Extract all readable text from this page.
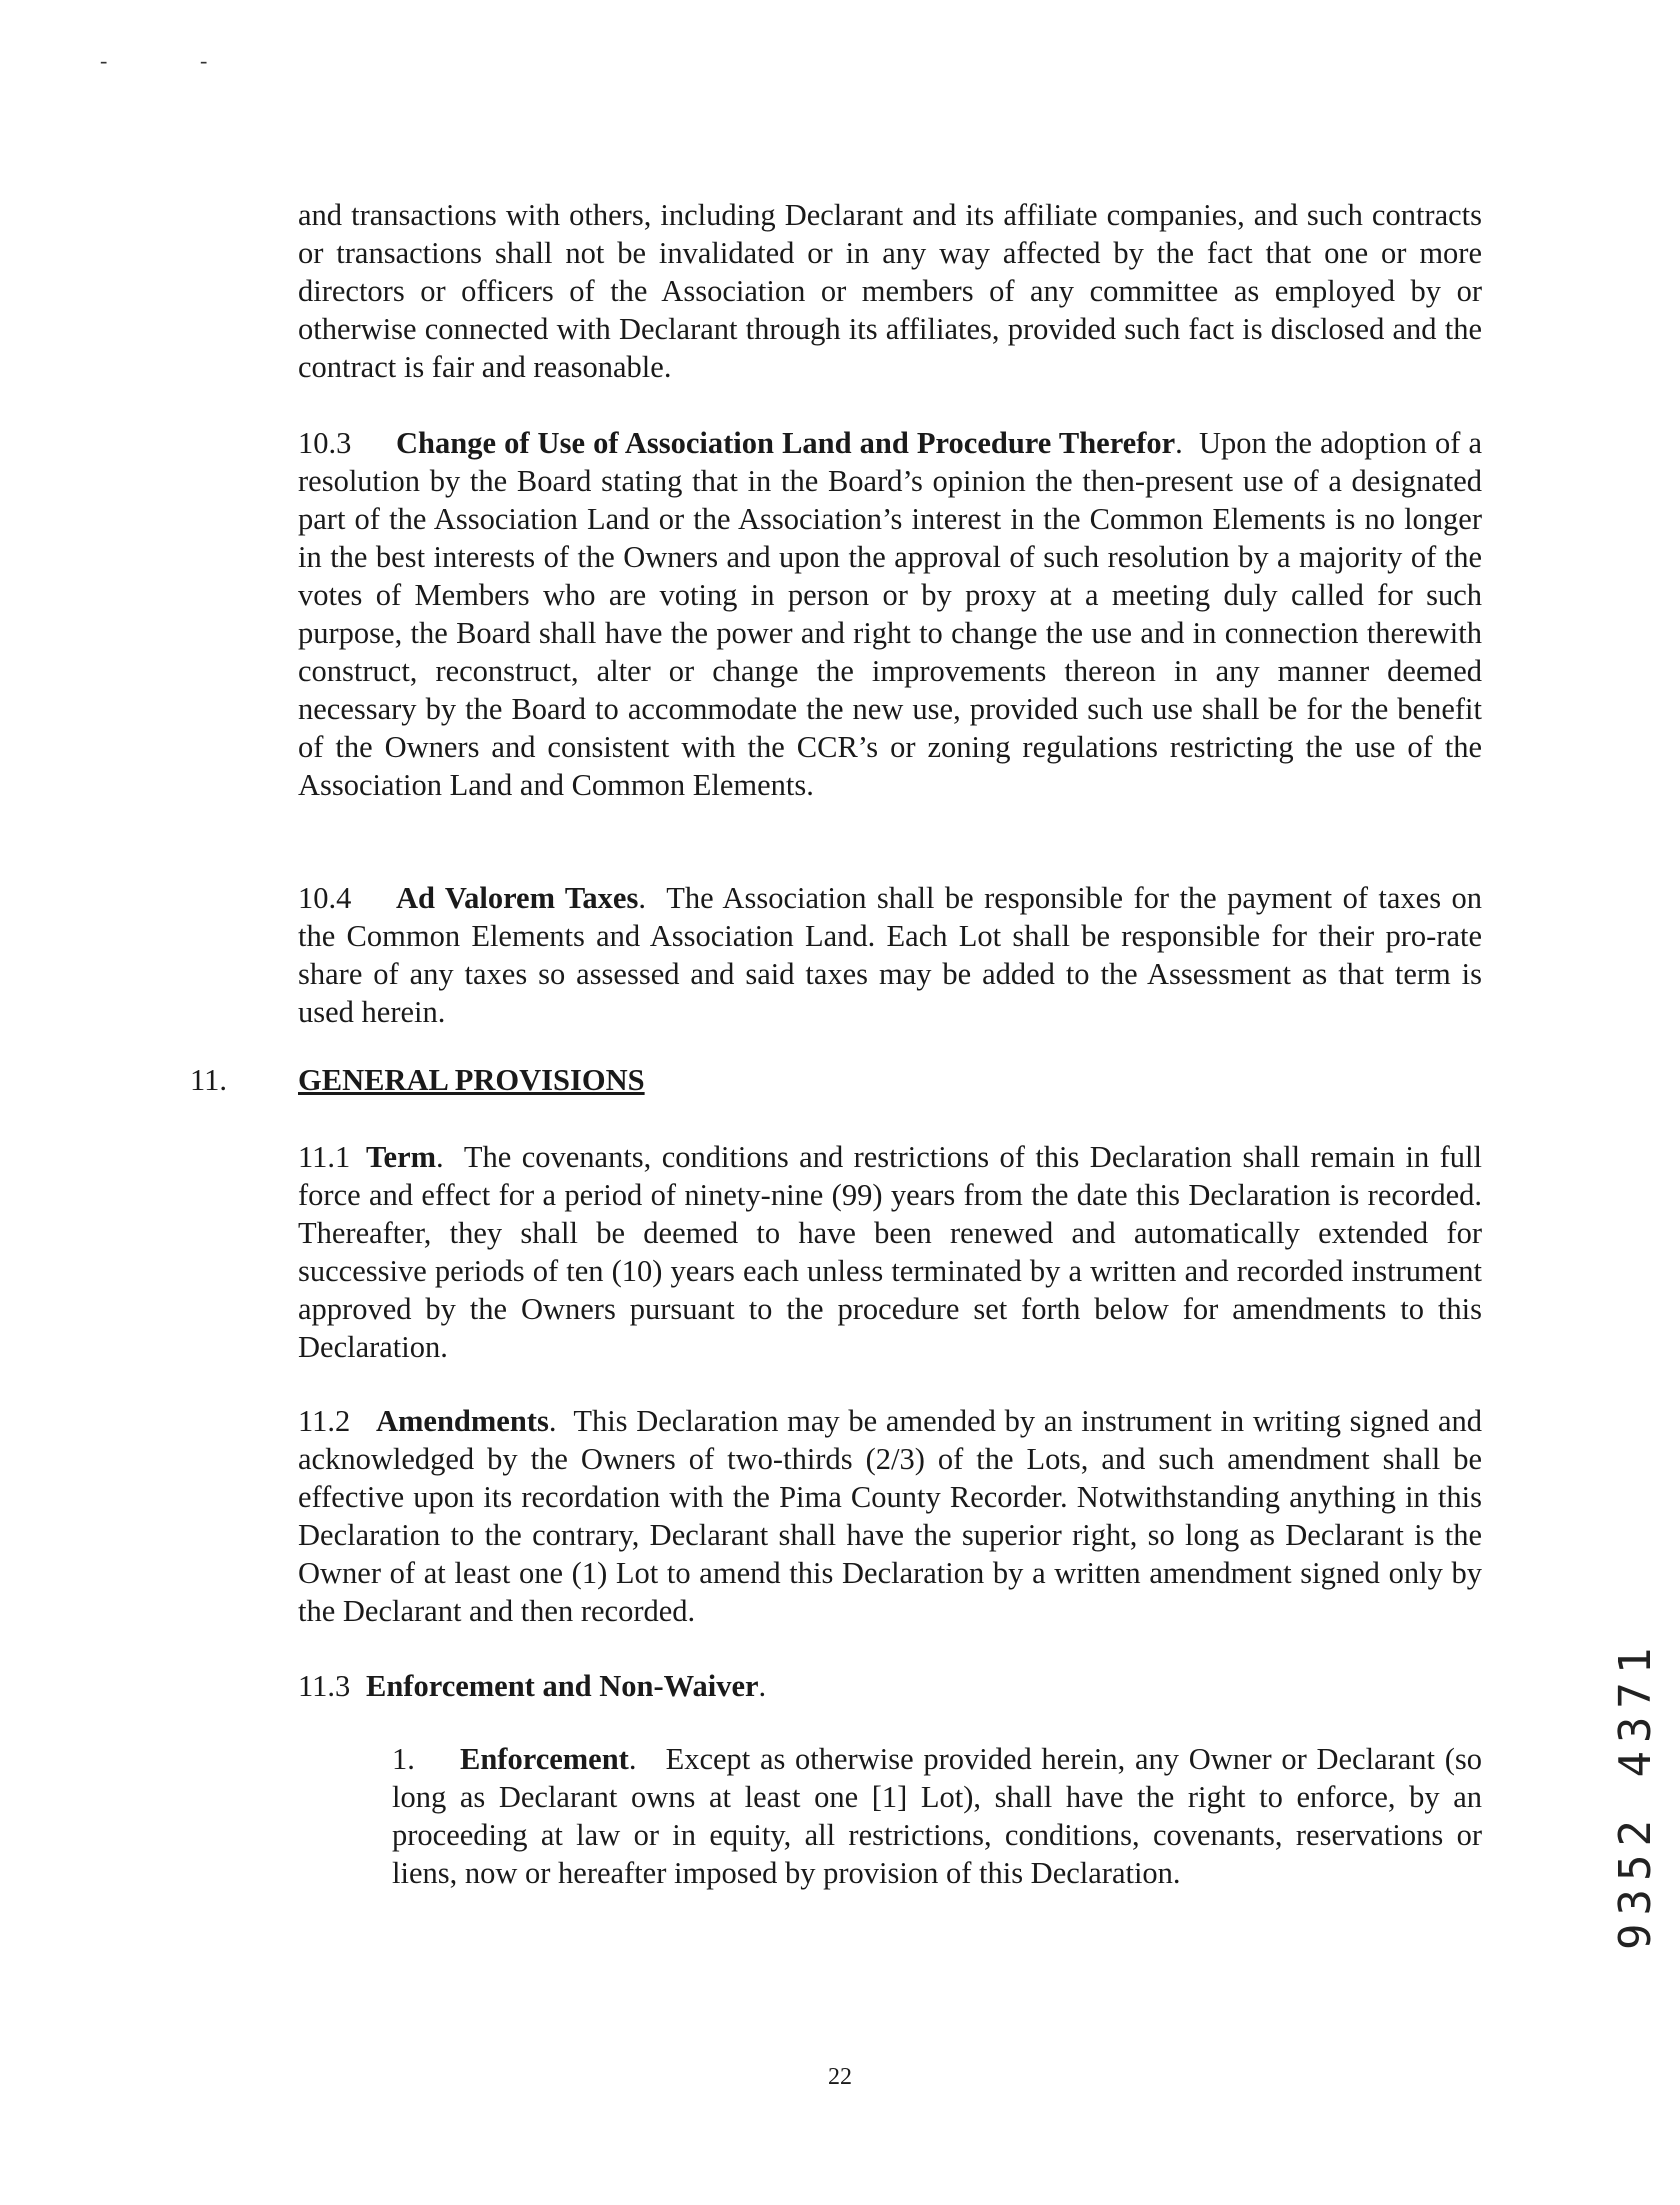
-	-

and transactions with others, including Declarant and its affiliate companies, and such contracts or transactions shall not be invalidated or in any way affected by the fact that one or more directors or officers of the Association or members of any committee as employed by or otherwise connected with Declarant through its affiliates, provided such fact is disclosed and the contract is fair and reasonable.

10.3 Change of Use of Association Land and Procedure Therefor. Upon the adoption of a resolution by the Board stating that in the Board’s opinion the then-present use of a designated part of the Association Land or the Association’s interest in the Common Elements is no longer in the best interests of the Owners and upon the approval of such resolution by a majority of the votes of Members who are voting in person or by proxy at a meeting duly called for such purpose, the Board shall have the power and right to change the use and in connection therewith construct, reconstruct, alter or change the improvements thereon in any manner deemed necessary by the Board to accommodate the new use, provided such use shall be for the benefit of the Owners and consistent with the CCR’s or zoning regulations restricting the use of the Association Land and Common Elements.

10.4 Ad Valorem Taxes. The Association shall be responsible for the payment of taxes on the Common Elements and Association Land. Each Lot shall be responsible for their pro-rate share of any taxes so assessed and said taxes may be added to the Assessment as that term is used herein.

11. GENERAL PROVISIONS

11.1 Term. The covenants, conditions and restrictions of this Declaration shall remain in full force and effect for a period of ninety-nine (99) years from the date this Declaration is recorded. Thereafter, they shall be deemed to have been renewed and automatically extended for successive periods of ten (10) years each unless terminated by a written and recorded instrument approved by the Owners pursuant to the procedure set forth below for amendments to this Declaration.

11.2 Amendments. This Declaration may be amended by an instrument in writing signed and acknowledged by the Owners of two-thirds (2/3) of the Lots, and such amendment shall be effective upon its recordation with the Pima County Recorder. Notwithstanding anything in this Declaration to the contrary, Declarant shall have the superior right, so long as Declarant is the Owner of at least one (1) Lot to amend this Declaration by a written amendment signed only by the Declarant and then recorded.

11.3 Enforcement and Non-Waiver.

1. Enforcement. Except as otherwise provided herein, any Owner or Declarant (so long as Declarant owns at least one [1] Lot), shall have the right to enforce, by an proceeding at law or in equity, all restrictions, conditions, covenants, reservations or liens, now or hereafter imposed by provision of this Declaration.

22
9352 4371
